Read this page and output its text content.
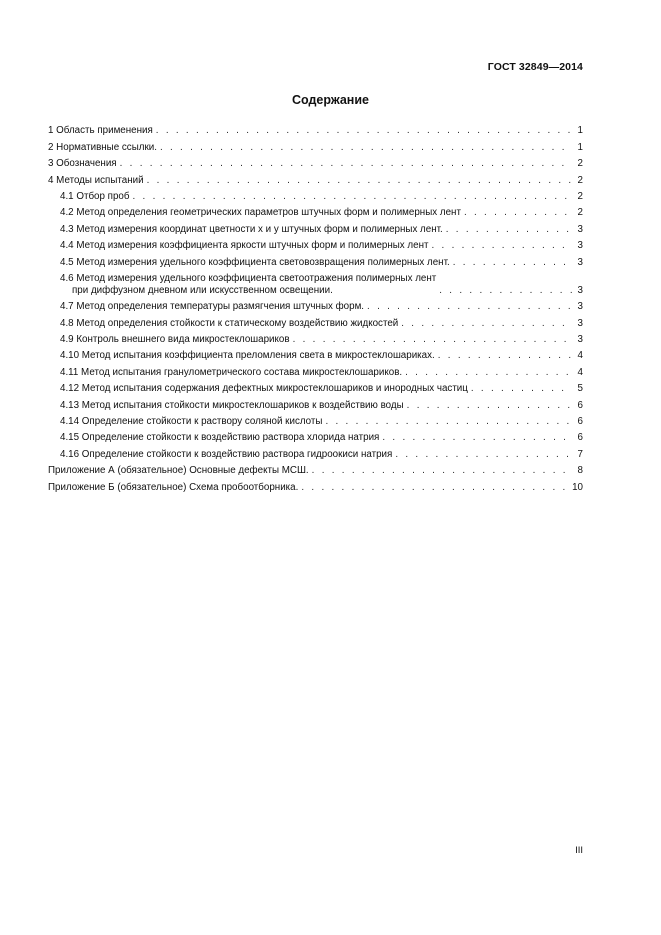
ГОСТ 32849—2014
Содержание
1 Область применения . . .	1
2 Нормативные ссылки. . . .	1
3 Обозначения . . .	2
4 Методы испытаний . . .	2
4.1 Отбор проб . . .	2
4.2 Метод определения геометрических параметров штучных форм и полимерных лент . . .	2
4.3 Метод измерения координат цветности x и y штучных форм и полимерных лент. . . .	3
4.4 Метод измерения коэффициента яркости штучных форм и полимерных лент . . .	3
4.5 Метод измерения удельного коэффициента световозвращения полимерных лент. . . .	3
4.6 Метод измерения удельного коэффициента светоотражения полимерных лент
при диффузном дневном или искусственном освещении. . . .	3
4.7 Метод определения температуры размягчения штучных форм. . . .	3
4.8 Метод определения стойкости к статическому воздействию жидкостей . . .	3
4.9 Контроль внешнего вида микростеклошариков . . .	3
4.10 Метод испытания коэффициента преломления света в микростеклошариках. . . .	4
4.11 Метод испытания гранулометрического состава микростеклошариков. . . .	4
4.12 Метод испытания содержания дефектных микростеклошариков и инородных частиц . . .	5
4.13 Метод испытания стойкости микростеклошариков к воздействию воды . . .	6
4.14 Определение стойкости к раствору соляной кислоты . . .	6
4.15 Определение стойкости к воздействию раствора хлорида натрия . . .	6
4.16 Определение стойкости к воздействию раствора гидроокиси натрия . . .	7
Приложение А (обязательное) Основные дефекты МСШ. . . .	8
Приложение Б (обязательное) Схема пробоотборника. . . .	10
III
